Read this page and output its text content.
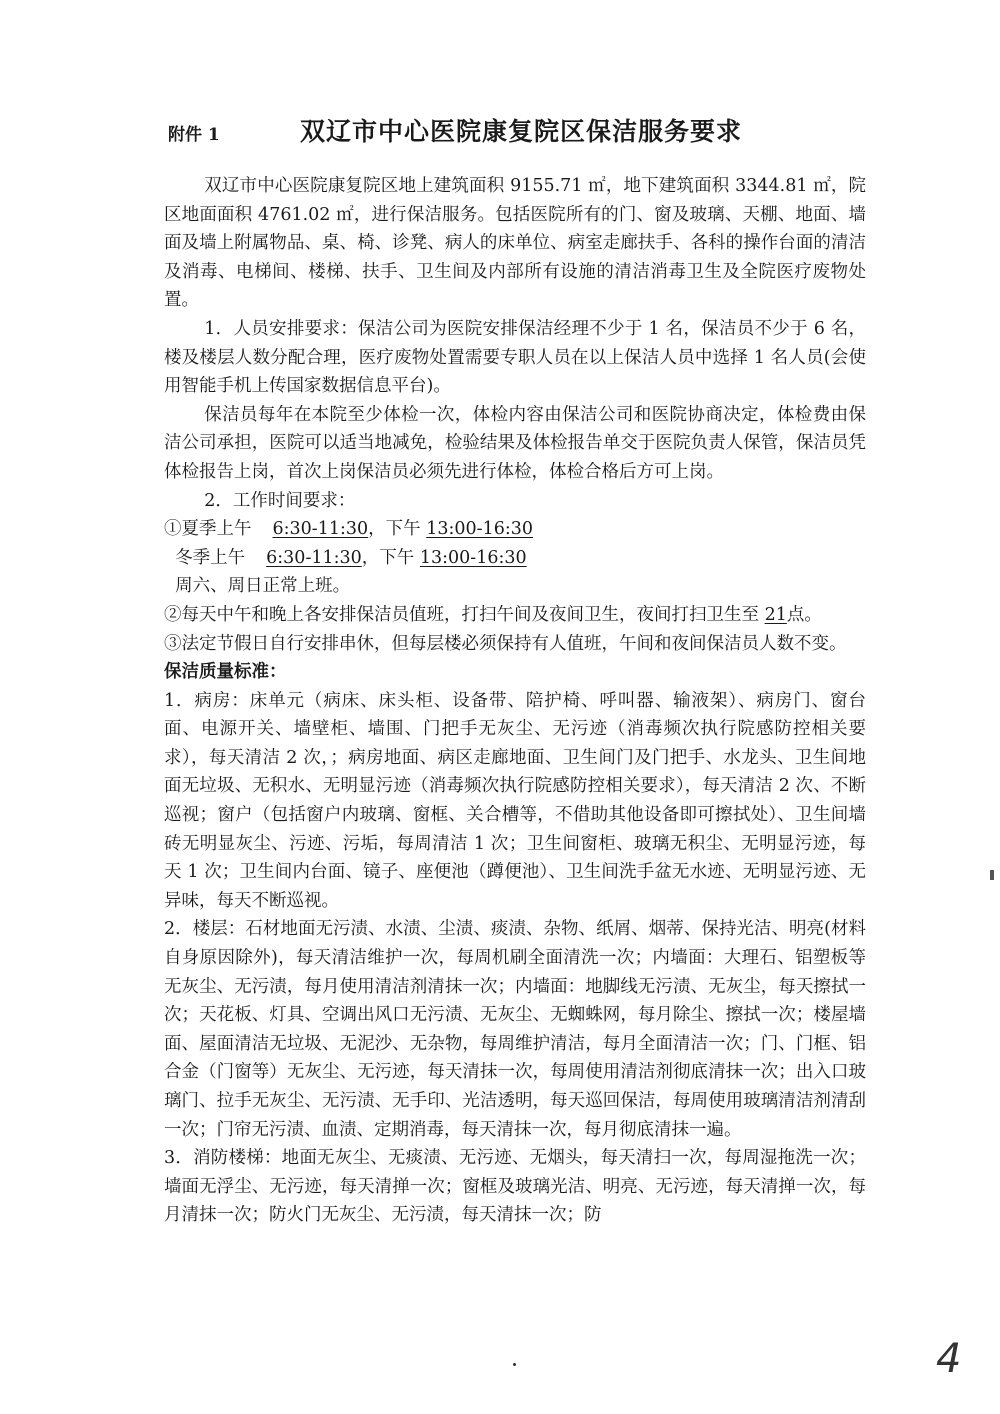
附件 1	双辽市中心医院康复院区保洁服务要求

双辽市中心医院康复院区地上建筑面积 9155.71 ㎡，地下建筑面积 3344.81 ㎡，院区地面面积 4761.02 ㎡，进行保洁服务。包括医院所有的门、窗及玻璃、天棚、地面、墙面及墙上附属物品、桌、椅、诊凳、病人的床单位、病室走廊扶手、各科的操作台面的清洁及消毒、电梯间、楼梯、扶手、卫生间及内部所有设施的清洁消毒卫生及全院医疗废物处置。

1．人员安排要求：保洁公司为医院安排保洁经理不少于 1 名，保洁员不少于 6 名，楼及楼层人数分配合理，医疗废物处置需要专职人员在以上保洁人员中选择 1 名人员(会使用智能手机上传国家数据信息平台)。

保洁员每年在本院至少体检一次，体检内容由保洁公司和医院协商决定，体检费由保洁公司承担，医院可以适当地减免，检验结果及体检报告单交于医院负责人保管，保洁员凭体检报告上岗，首次上岗保洁员必须先进行体检，体检合格后方可上岗。

2．工作时间要求：

①夏季上午 6:30-11:30，下午 13:00-16:30

冬季上午 6:30-11:30，下午 13:00-16:30

周六、周日正常上班。

②每天中午和晚上各安排保洁员值班，打扫午间及夜间卫生，夜间打扫卫生至 21点。

③法定节假日自行安排串休，但每层楼必须保持有人值班，午间和夜间保洁员人数不变。

保洁质量标准：

1．病房：床单元（病床、床头柜、设备带、陪护椅、呼叫器、输液架）、病房门、窗台面、电源开关、墙壁柜、墙围、门把手无灰尘、无污迹（消毒频次执行院感防控相关要求），每天清洁 2 次，；病房地面、病区走廊地面、卫生间门及门把手、水龙头、卫生间地面无垃圾、无积水、无明显污迹（消毒频次执行院感防控相关要求），每天清洁 2 次、不断巡视；窗户（包括窗户内玻璃、窗框、关合槽等，不借助其他设备即可擦拭处）、卫生间墙砖无明显灰尘、污迹、污垢，每周清洁 1 次；卫生间窗柜、玻璃无积尘、无明显污迹，每天 1 次；卫生间内台面、镜子、座便池（蹲便池）、卫生间洗手盆无水迹、无明显污迹、无异味，每天不断巡视。

2．楼层：石材地面无污渍、水渍、尘渍、痰渍、杂物、纸屑、烟蒂、保持光洁、明亮(材料自身原因除外)，每天清洁维护一次，每周机刷全面清洗一次；内墙面：大理石、铝塑板等无灰尘、无污渍，每月使用清洁剂清抹一次；内墙面：地脚线无污渍、无灰尘，每天擦拭一次；天花板、灯具、空调出风口无污渍、无灰尘、无蜘蛛网，每月除尘、擦拭一次；楼屋墙面、屋面清洁无垃圾、无泥沙、无杂物，每周维护清洁，每月全面清洁一次；门、门框、铝合金（门窗等）无灰尘、无污迹，每天清抹一次，每周使用清洁剂彻底清抹一次；出入口玻璃门、拉手无灰尘、无污渍、无手印、光洁透明，每天巡回保洁，每周使用玻璃清洁剂清刮一次；门帘无污渍、血渍、定期消毒，每天清抹一次，每月彻底清抹一遍。

3．消防楼梯：地面无灰尘、无痰渍、无污迹、无烟头，每天清扫一次，每周湿拖洗一次；墙面无浮尘、无污迹，每天清掸一次；窗框及玻璃光洁、明亮、无污迹，每天清掸一次，每月清抹一次；防火门无灰尘、无污渍，每天清抹一次；防

4
